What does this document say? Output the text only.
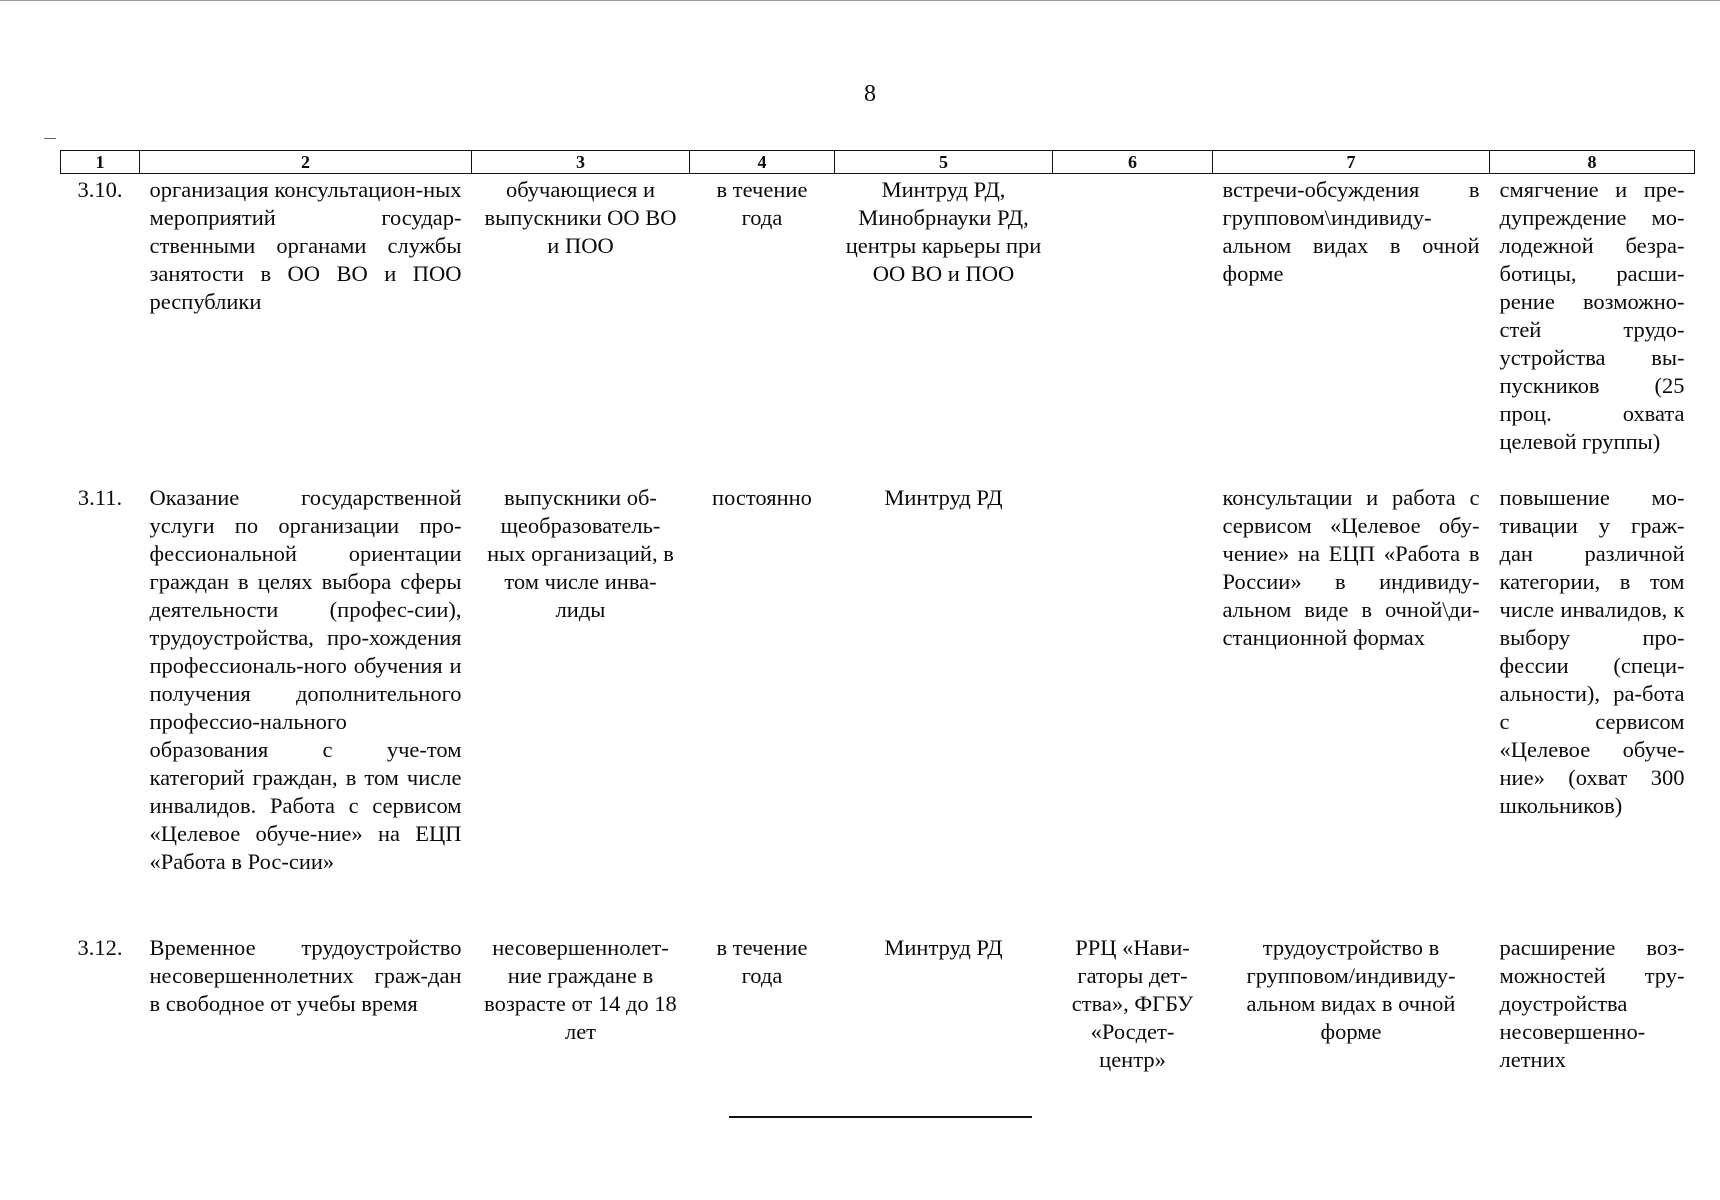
8
1	2	3	4	5	6	7	8
3.10.	организация консультацион-ных мероприятий государ-ственными органами службы занятости в ОО ВО и ПОО республики	обучающиеся и выпускники ОО ВО и ПОО	в течение года	Минтруд РД, Минобрнауки РД, центры карьеры при ОО ВО и ПОО		встречи-обсуждения в групповом\индивиду-альном видах в очной форме	смягчение и пре-дупреждение мо-лодежной безра-ботицы, расши-рение возможно-стей трудо-устройства вы-пускников (25 проц. охвата целевой группы)
3.11.	Оказание государственной услуги по организации про-фессиональной ориентации граждан в целях выбора сферы деятельности (профес-сии), трудоустройства, про-хождения профессиональ-ного обучения и получения дополнительного профессио-нального образования с уче-том категорий граждан, в том числе инвалидов. Работа с сервисом «Целевое обуче-ние» на ЕЦП «Работа в Рос-сии»	выпускники об-щеобразователь-ных организаций, в том числе инва-лиды	постоянно	Минтруд РД		консультации и работа с сервисом «Целевое обу-чение» на ЕЦП «Работа в России» в индивиду-альном виде в очной\ди-станционной формах	повышение мо-тивации у граж-дан различной категории, в том числе инвалидов, к выбору про-фессии (специ-альности), ра-бота с сервисом «Целевое обуче-ние» (охват 300 школьников)
3.12.	Временное трудоустройство несовершеннолетних граж-дан в свободное от учебы время	несовершеннолет-ние граждане в возрасте от 14 до 18 лет	в течение года	Минтруд РД	РРЦ «Нави-гаторы дет-ства», ФГБУ «Росдет-центр»	трудоустройство в групповом/индивиду-альном видах в очной форме	расширение воз-можностей тру-доустройства несовершенно-летних
